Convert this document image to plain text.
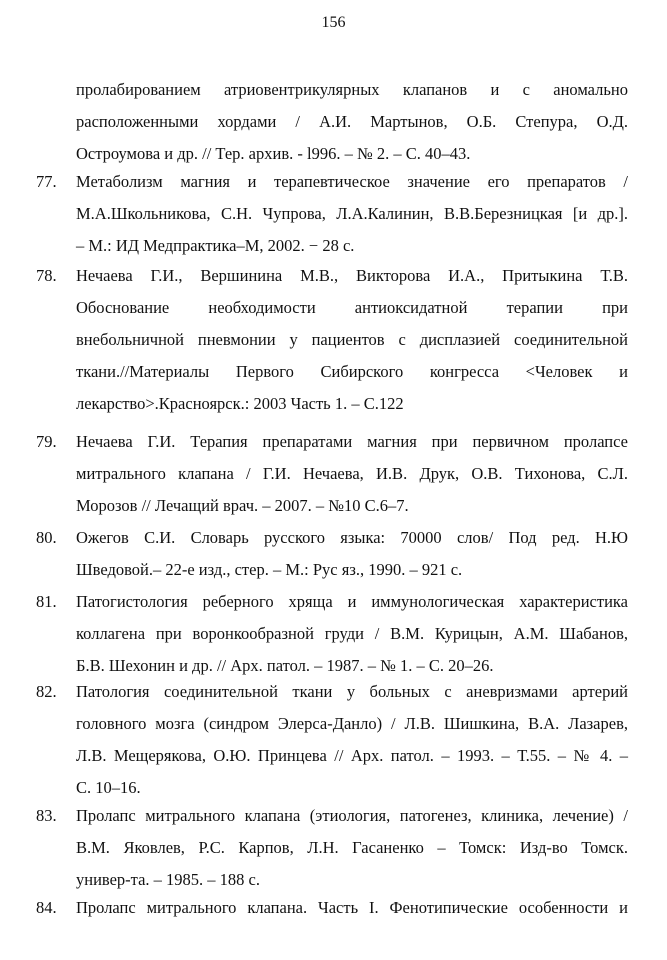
156
пролабированием атриовентрикулярных клапанов и с аномально
расположенными хордами / А.И. Мартынов, О.Б. Степура, О.Д.
Остроумова и др. // Тер. архив. - l996. – № 2. – С. 40–43.
77. Метаболизм магния и терапевтическое значение его препаратов /
М.А.Школьникова, С.Н. Чупрова, Л.А.Калинин, В.В.Березницкая [и др.].
– М.: ИД Медпрактика–М, 2002. − 28 с.
78. Нечаева Г.И., Вершинина М.В., Викторова И.А., Притыкина Т.В.
Обоснование необходимости антиоксидатной терапии при
внебольничной пневмонии у пациентов с дисплазией соединительной
ткани.//Материалы Первого Сибирского конгресса <Человек и
лекарство>.Красноярск.: 2003 Часть 1. – С.122
79. Нечаева Г.И. Терапия препаратами магния при первичном пролапсе
митрального клапана / Г.И. Нечаева, И.В. Друк, О.В. Тихонова, С.Л.
Морозов // Лечащий врач. – 2007. – №10 С.6–7.
80. Ожегов С.И. Словарь русского языка: 70000 слов/ Под ред. Н.Ю
Шведовой.– 22-е изд., стер. – М.: Рус яз., 1990. – 921 с.
81. Патогистология реберного хряща и иммунологическая характеристика
коллагена при воронкообразной груди / В.М. Курицын, А.М. Шабанов,
Б.В. Шехонин и др. // Арх. патол. – 1987. – № 1. – С. 20–26.
82. Патология соединительной ткани у больных с аневризмами артерий
головного мозга (синдром Элерса-Данло) / Л.В. Шишкина, В.А. Лазарев,
Л.В. Мещерякова, О.Ю. Принцева // Арх. патол. – 1993. – Т.55. – № 4. –
С. 10–16.
83. Пролапс митрального клапана (этиология, патогенез, клиника, лечение) /
В.М. Яковлев, Р.С. Карпов, Л.Н. Гасаненко – Томск: Изд-во Томск.
универ-та. – 1985. – 188 с.
84. Пролапс митрального клапана. Часть I. Фенотипические особенности и
